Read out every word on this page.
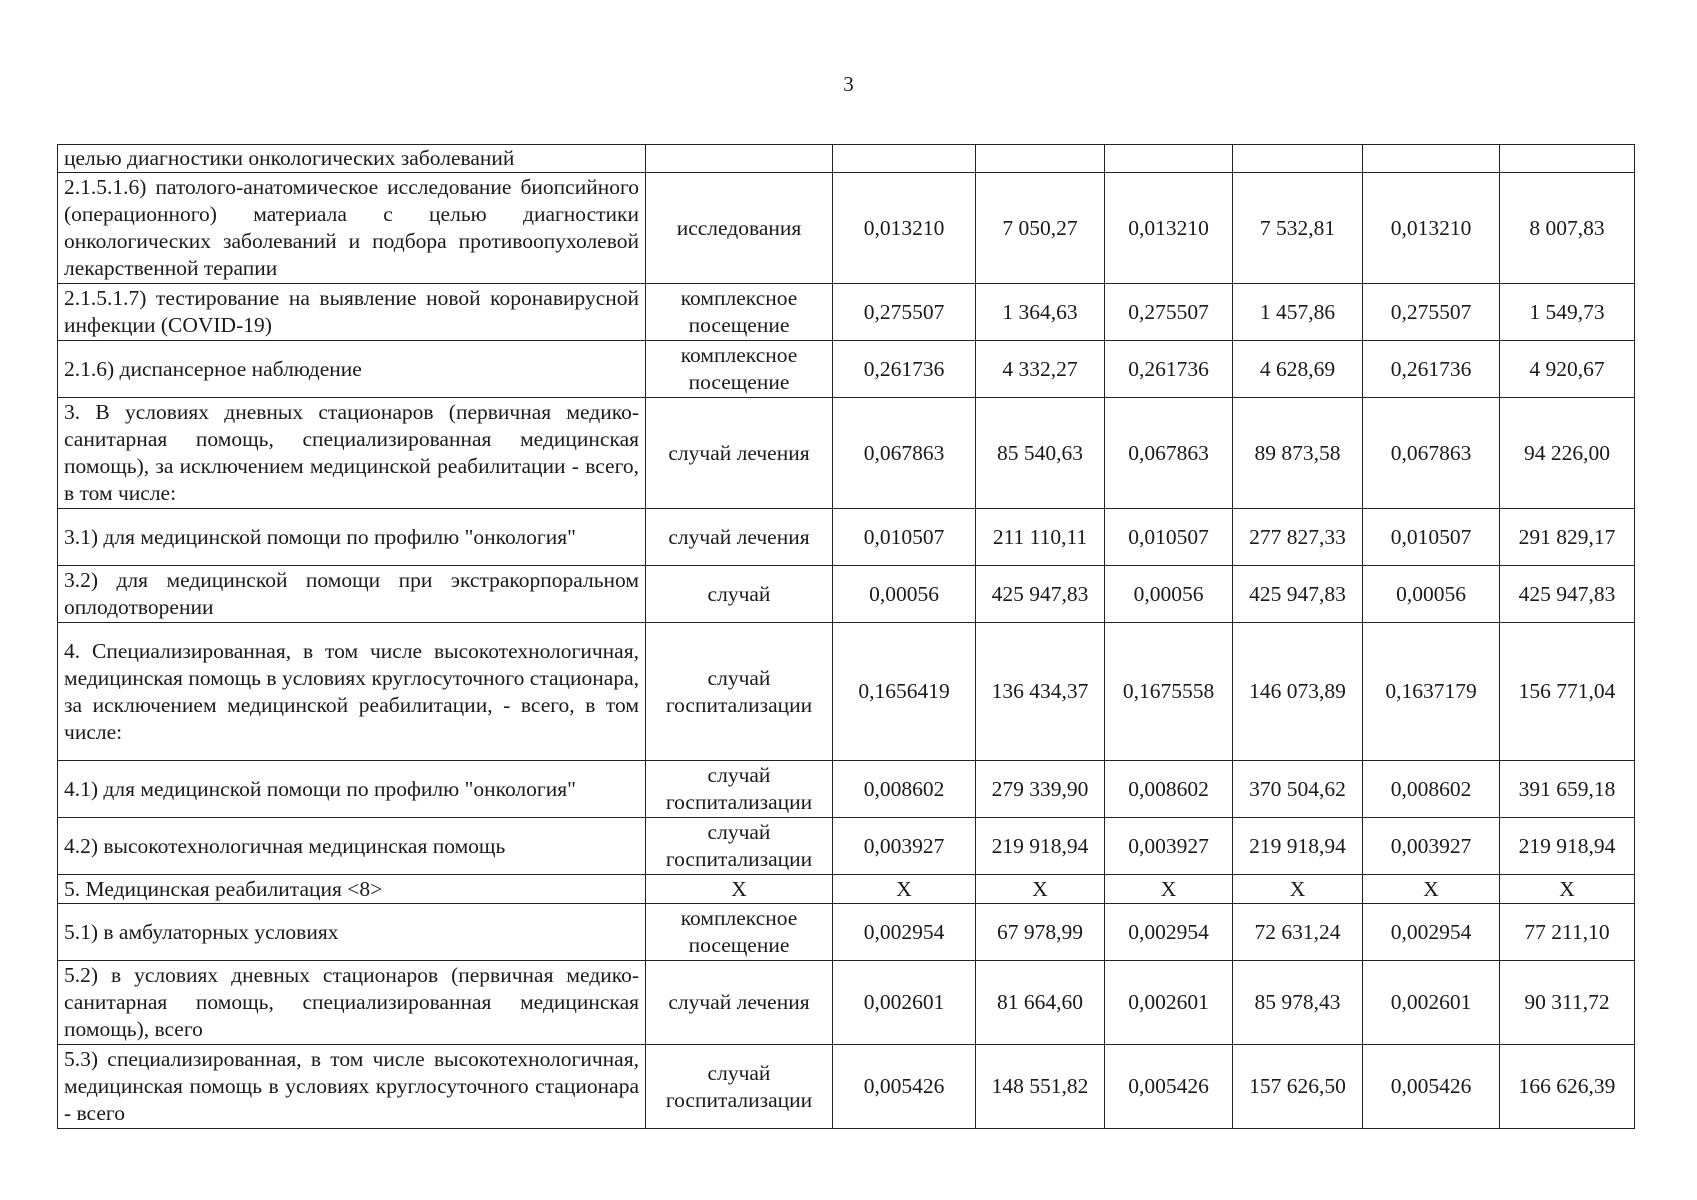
3
целью диагностики онкологических заболеваний							
2.1.5.1.6) патолого-анатомическое исследование биопсийного (операционного) материала с целью диагностики онкологических заболеваний и подбора противоопухолевой лекарственной терапии	исследования	0,013210	7 050,27	0,013210	7 532,81	0,013210	8 007,83
2.1.5.1.7) тестирование на выявление новой коронавирусной инфекции (COVID-19)	комплексное посещение	0,275507	1 364,63	0,275507	1 457,86	0,275507	1 549,73
2.1.6) диспансерное наблюдение	комплексное посещение	0,261736	4 332,27	0,261736	4 628,69	0,261736	4 920,67
3. В условиях дневных стационаров (первичная медико-санитарная помощь, специализированная медицинская помощь), за исключением медицинской реабилитации - всего, в том числе:	случай лечения	0,067863	85 540,63	0,067863	89 873,58	0,067863	94 226,00
3.1) для медицинской помощи по профилю "онкология"	случай лечения	0,010507	211 110,11	0,010507	277 827,33	0,010507	291 829,17
3.2) для медицинской помощи при экстракорпоральном оплодотворении	случай	0,00056	425 947,83	0,00056	425 947,83	0,00056	425 947,83
4. Специализированная, в том числе высокотехнологичная, медицинская помощь в условиях круглосуточного стационара, за исключением медицинской реабилитации, - всего, в том числе:	случай госпитализации	0,1656419	136 434,37	0,1675558	146 073,89	0,1637179	156 771,04
4.1) для медицинской помощи по профилю "онкология"	случай госпитализации	0,008602	279 339,90	0,008602	370 504,62	0,008602	391 659,18
4.2) высокотехнологичная медицинская помощь	случай госпитализации	0,003927	219 918,94	0,003927	219 918,94	0,003927	219 918,94
5. Медицинская реабилитация <8>	X	X	X	X	X	X	X
5.1) в амбулаторных условиях	комплексное посещение	0,002954	67 978,99	0,002954	72 631,24	0,002954	77 211,10
5.2) в условиях дневных стационаров (первичная медико-санитарная помощь, специализированная медицинская помощь), всего	случай лечения	0,002601	81 664,60	0,002601	85 978,43	0,002601	90 311,72
5.3) специализированная, в том числе высокотехнологичная, медицинская помощь в условиях круглосуточного стационара - всего	случай госпитализации	0,005426	148 551,82	0,005426	157 626,50	0,005426	166 626,39
